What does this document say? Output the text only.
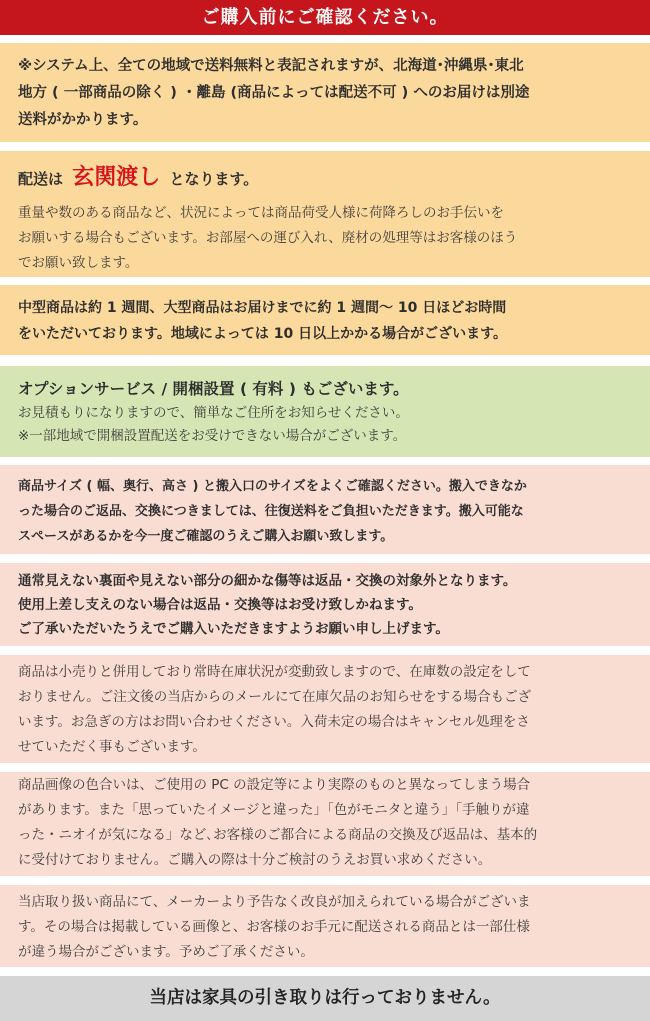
ご購入前にご確認ください。
※システム上、全ての地域で送料無料と表記されますが、北海道･沖縄県･東北
地方 ( 一部商品の除く ) ・離島 (商品によっては配送不可 ) へのお届けは別途
送料がかかります。
配送は 玄関渡し となります。
重量や数のある商品など、状況によっては商品荷受人様に荷降ろしのお手伝いを
お願いする場合もございます。お部屋への運び入れ、廃材の処理等はお客様のほう
でお願い致します。
中型商品は約 1 週間、大型商品はお届けまでに約 1 週間～ 10 日ほどお時間
をいただいております。地域によっては 10 日以上かかる場合がございます。
オプションサービス / 開梱設置 ( 有料 ) もございます。
お見積もりになりますので、簡単なご住所をお知らせください。
※一部地域で開梱設置配送をお受けできない場合がございます。
商品サイズ ( 幅、奥行、高さ ) と搬入口のサイズをよくご確認ください。搬入できなか
った場合のご返品、交換につきましては、往復送料をご負担いただきます。搬入可能な
スペースがあるかを今一度ご確認のうえご購入お願い致します。
通常見えない裏面や見えない部分の細かな傷等は返品・交換の対象外となります。
使用上差し支えのない場合は返品・交換等はお受け致しかねます。
ご了承いただいたうえでご購入いただきますようお願い申し上げます。
商品は小売りと併用しており常時在庫状況が変動致しますので、在庫数の設定をして
おりません。ご注文後の当店からのメールにて在庫欠品のお知らせをする場合もござ
います。お急ぎの方はお問い合わせください。入荷未定の場合はキャンセル処理をさ
せていただく事もございます。
商品画像の色合いは、ご使用の PC の設定等により実際のものと異なってしまう場合
があります。また「思っていたイメージと違った」「色がモニタと違う」「手触りが違
った・ニオイが気になる」など､お客様のご都合による商品の交換及び返品は、基本的
に受付けておりません。ご購入の際は十分ご検討のうえお買い求めください。
当店取り扱い商品にて、メーカーより予告なく改良が加えられている場合がございま
す。その場合は掲載している画像と、お客様のお手元に配送される商品とは一部仕様
が違う場合がございます。予めご了承ください。
当店は家具の引き取りは行っておりません。
